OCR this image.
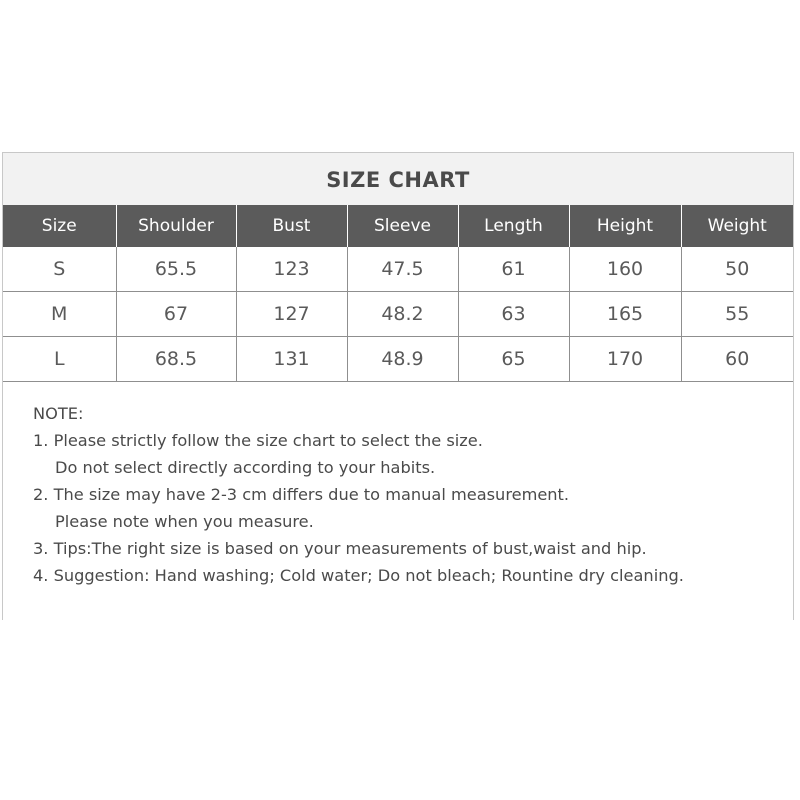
SIZE CHART
Size	Shoulder	Bust	Sleeve	Length	Height	Weight
S	65.5	123	47.5	61	160	50
M	67	127	48.2	63	165	55
L	68.5	131	48.9	65	170	60
NOTE:
1. Please strictly follow the size chart to select the size.
Do not select directly according to your habits.
2. The size may have 2-3 cm differs due to manual measurement.
Please note when you measure.
3. Tips:The right size is based on your measurements of bust,waist and hip.
4. Suggestion: Hand washing; Cold water; Do not bleach; Rountine dry cleaning.
